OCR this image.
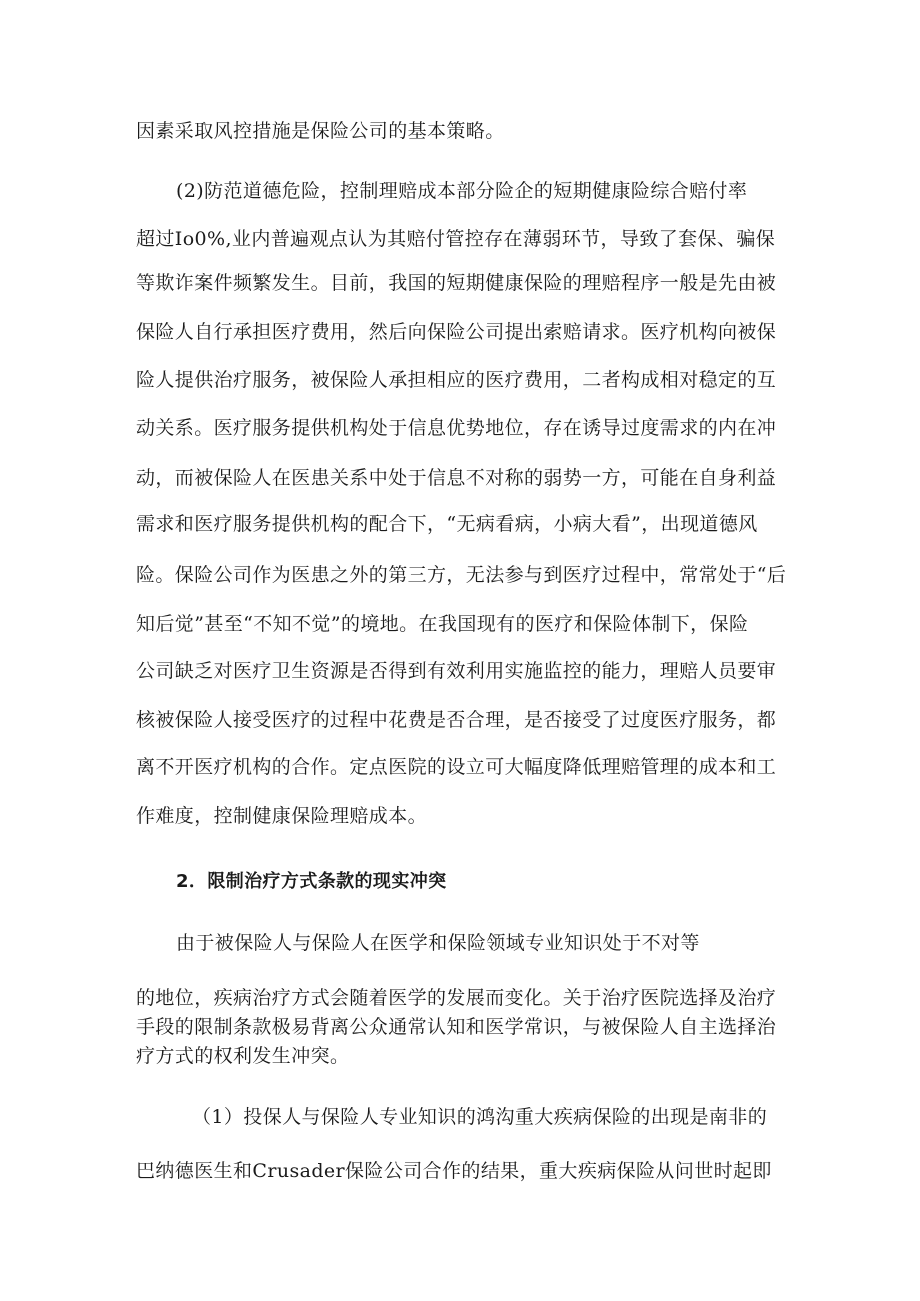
因素采取风控措施是保险公司的基本策略。
(2)防范道德危险，控制理赔成本部分险企的短期健康险综合赔付率
超过Io0%,业内普遍观点认为其赔付管控存在薄弱环节，导致了套保、骗保
等欺诈案件频繁发生。目前，我国的短期健康保险的理赔程序一般是先由被
保险人自行承担医疗费用，然后向保险公司提出索赔请求。医疗机构向被保
险人提供治疗服务，被保险人承担相应的医疗费用，二者构成相对稳定的互
动关系。医疗服务提供机构处于信息优势地位，存在诱导过度需求的内在冲
动，而被保险人在医患关系中处于信息不对称的弱势一方，可能在自身利益
需求和医疗服务提供机构的配合下，“无病看病，小病大看”，出现道德风
险。保险公司作为医患之外的第三方，无法参与到医疗过程中，常常处于“后
知后觉”甚至“不知不觉”的境地。在我国现有的医疗和保险体制下，保险
公司缺乏对医疗卫生资源是否得到有效利用实施监控的能力，理赔人员要审
核被保险人接受医疗的过程中花费是否合理，是否接受了过度医疗服务，都
离不开医疗机构的合作。定点医院的设立可大幅度降低理赔管理的成本和工
作难度，控制健康保险理赔成本。
2．限制治疗方式条款的现实冲突
由于被保险人与保险人在医学和保险领域专业知识处于不对等
的地位，疾病治疗方式会随着医学的发展而变化。关于治疗医院选择及治疗
手段的限制条款极易背离公众通常认知和医学常识，与被保险人自主选择治
疗方式的权利发生冲突。
（1）投保人与保险人专业知识的鸿沟重大疾病保险的出现是南非的
巴纳德医生和Crusader保险公司合作的结果，重大疾病保险从问世时起即
